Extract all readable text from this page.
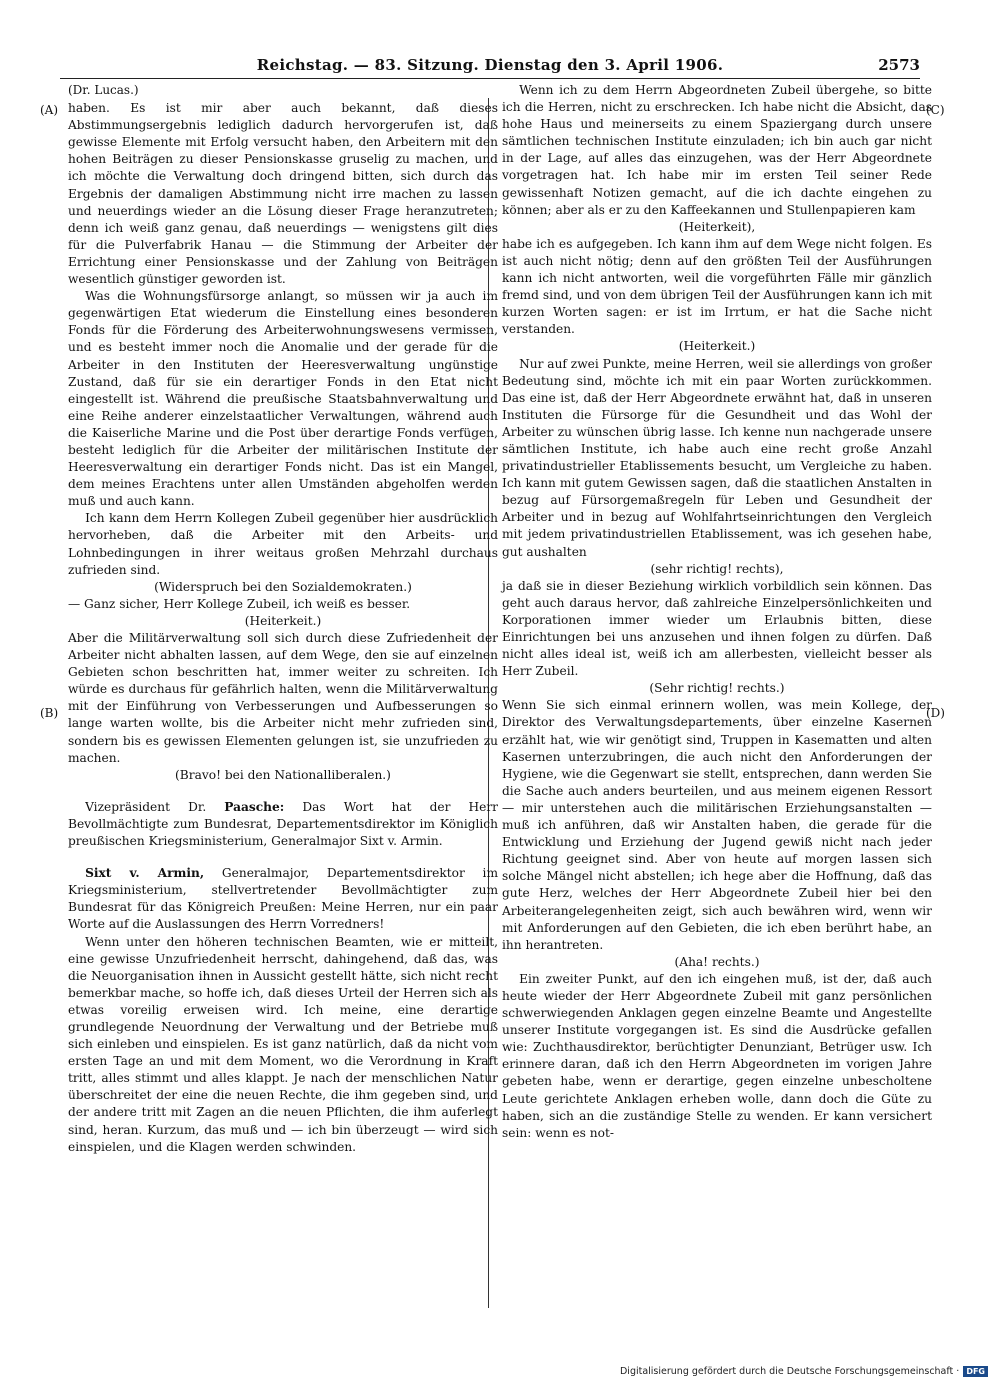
Reichstag. — 83. Sitzung. Dienstag den 3. April 1906.	2573
(A)
(B)
(C)
(D)
(Dr. Lucas.)

haben. Es ist mir aber auch bekannt, daß dieses Abstimmungsergebnis lediglich dadurch hervorgerufen ist, daß gewisse Elemente mit Erfolg versucht haben, den Arbeitern mit den hohen Beiträgen zu dieser Pensionskasse gruselig zu machen, und ich möchte die Verwaltung doch dringend bitten, sich durch das Ergebnis der damaligen Abstimmung nicht irre machen zu lassen und neuerdings wieder an die Lösung dieser Frage heranzutreten; denn ich weiß ganz genau, daß neuerdings — wenigstens gilt dies für die Pulverfabrik Hanau — die Stimmung der Arbeiter der Errichtung einer Pensionskasse und der Zahlung von Beiträgen wesentlich günstiger geworden ist.

Was die Wohnungsfürsorge anlangt, so müssen wir ja auch im gegenwärtigen Etat wiederum die Einstellung eines besonderen Fonds für die Förderung des Arbeiterwohnungswesens vermissen, und es besteht immer noch die Anomalie und der gerade für die Arbeiter in den Instituten der Heeresverwaltung ungünstige Zustand, daß für sie ein derartiger Fonds in den Etat nicht eingestellt ist. Während die preußische Staatsbahnverwaltung und eine Reihe anderer einzelstaatlicher Verwaltungen, während auch die Kaiserliche Marine und die Post über derartige Fonds verfügen, besteht lediglich für die Arbeiter der militärischen Institute der Heeresverwaltung ein derartiger Fonds nicht. Das ist ein Mangel, dem meines Erachtens unter allen Umständen abgeholfen werden muß und auch kann.

Ich kann dem Herrn Kollegen Zubeil gegenüber hier ausdrücklich hervorheben, daß die Arbeiter mit den Arbeits- und Lohnbedingungen in ihrer weitaus großen Mehrzahl durchaus zufrieden sind.

(Widerspruch bei den Sozialdemokraten.)

— Ganz sicher, Herr Kollege Zubeil, ich weiß es besser.

(Heiterkeit.)

Aber die Militärverwaltung soll sich durch diese Zufriedenheit der Arbeiter nicht abhalten lassen, auf dem Wege, den sie auf einzelnen Gebieten schon beschritten hat, immer weiter zu schreiten. Ich würde es durchaus für gefährlich halten, wenn die Militärverwaltung mit der Einführung von Verbesserungen und Aufbesserungen so lange warten wollte, bis die Arbeiter nicht mehr zufrieden sind, sondern bis es gewissen Elementen gelungen ist, sie unzufrieden zu machen.

(Bravo! bei den Nationalliberalen.)

Vizepräsident Dr. Paasche: Das Wort hat der Herr Bevollmächtigte zum Bundesrat, Departementsdirektor im Königlich preußischen Kriegsministerium, Generalmajor Sixt v. Armin.

Sixt v. Armin, Generalmajor, Departementsdirektor im Kriegsministerium, stellvertretender Bevollmächtigter zum Bundesrat für das Königreich Preußen: Meine Herren, nur ein paar Worte auf die Auslassungen des Herrn Vorredners!

Wenn unter den höheren technischen Beamten, wie er mitteilt, eine gewisse Unzufriedenheit herrscht, dahingehend, daß das, was die Neuorganisation ihnen in Aussicht gestellt hätte, sich nicht recht bemerkbar mache, so hoffe ich, daß dieses Urteil der Herren sich als etwas voreilig erweisen wird. Ich meine, eine derartige grundlegende Neuordnung der Verwaltung und der Betriebe muß sich einleben und einspielen. Es ist ganz natürlich, daß da nicht vom ersten Tage an und mit dem Moment, wo die Verordnung in Kraft tritt, alles stimmt und alles klappt. Je nach der menschlichen Natur überschreitet der eine die neuen Rechte, die ihm gegeben sind, und der andere tritt mit Zagen an die neuen Pflichten, die ihm auferlegt sind, heran. Kurzum, das muß und — ich bin überzeugt — wird sich einspielen, und die Klagen werden schwinden.

Wenn ich zu dem Herrn Abgeordneten Zubeil übergehe, so bitte ich die Herren, nicht zu erschrecken. Ich habe nicht die Absicht, das hohe Haus und meinerseits zu einem Spaziergang durch unsere sämtlichen technischen Institute einzuladen; ich bin auch gar nicht in der Lage, auf alles das einzugehen, was der Herr Abgeordnete vorgetragen hat. Ich habe mir im ersten Teil seiner Rede gewissenhaft Notizen gemacht, auf die ich dachte eingehen zu können; aber als er zu den Kaffeekannen und Stullenpapieren kam

(Heiterkeit),

habe ich es aufgegeben. Ich kann ihm auf dem Wege nicht folgen. Es ist auch nicht nötig; denn auf den größten Teil der Ausführungen kann ich nicht antworten, weil die vorgeführten Fälle mir gänzlich fremd sind, und von dem übrigen Teil der Ausführungen kann ich mit kurzen Worten sagen: er ist im Irrtum, er hat die Sache nicht verstanden.

(Heiterkeit.)

Nur auf zwei Punkte, meine Herren, weil sie allerdings von großer Bedeutung sind, möchte ich mit ein paar Worten zurückkommen. Das eine ist, daß der Herr Abgeordnete erwähnt hat, daß in unseren Instituten die Fürsorge für die Gesundheit und das Wohl der Arbeiter zu wünschen übrig lasse. Ich kenne nun nachgerade unsere sämtlichen Institute, ich habe auch eine recht große Anzahl privatindustrieller Etablissements besucht, um Vergleiche zu haben. Ich kann mit gutem Gewissen sagen, daß die staatlichen Anstalten in bezug auf Fürsorgemaßregeln für Leben und Gesundheit der Arbeiter und in bezug auf Wohlfahrtseinrichtungen den Vergleich mit jedem privatindustriellen Etablissement, was ich gesehen habe, gut aushalten

(sehr richtig! rechts),

ja daß sie in dieser Beziehung wirklich vorbildlich sein können. Das geht auch daraus hervor, daß zahlreiche Einzelpersönlichkeiten und Korporationen immer wieder um Erlaubnis bitten, diese Einrichtungen bei uns anzusehen und ihnen folgen zu dürfen. Daß nicht alles ideal ist, weiß ich am allerbesten, vielleicht besser als Herr Zubeil.

(Sehr richtig! rechts.)

Wenn Sie sich einmal erinnern wollen, was mein Kollege, der Direktor des Verwaltungsdepartements, über einzelne Kasernen erzählt hat, wie wir genötigt sind, Truppen in Kasematten und alten Kasernen unterzubringen, die auch nicht den Anforderungen der Hygiene, wie die Gegenwart sie stellt, entsprechen, dann werden Sie die Sache auch anders beurteilen, und aus meinem eigenen Ressort — mir unterstehen auch die militärischen Erziehungsanstalten — muß ich anführen, daß wir Anstalten haben, die gerade für die Entwicklung und Erziehung der Jugend gewiß nicht nach jeder Richtung geeignet sind. Aber von heute auf morgen lassen sich solche Mängel nicht abstellen; ich hege aber die Hoffnung, daß das gute Herz, welches der Herr Abgeordnete Zubeil hier bei den Arbeiterangelegenheiten zeigt, sich auch bewähren wird, wenn wir mit Anforderungen auf den Gebieten, die ich eben berührt habe, an ihn herantreten.

(Aha! rechts.)

Ein zweiter Punkt, auf den ich eingehen muß, ist der, daß auch heute wieder der Herr Abgeordnete Zubeil mit ganz persönlichen schwerwiegenden Anklagen gegen einzelne Beamte und Angestellte unserer Institute vorgegangen ist. Es sind die Ausdrücke gefallen wie: Zuchthausdirektor, berüchtigter Denunziant, Betrüger usw. Ich erinnere daran, daß ich den Herrn Abgeordneten im vorigen Jahre gebeten habe, wenn er derartige, gegen einzelne unbescholtene Leute gerichtete Anklagen erheben wolle, dann doch die Güte zu haben, sich an die zuständige Stelle zu wenden. Er kann versichert sein: wenn es not-

Digitalisierung gefördert durch die Deutsche Forschungsgemeinschaft · DFG
